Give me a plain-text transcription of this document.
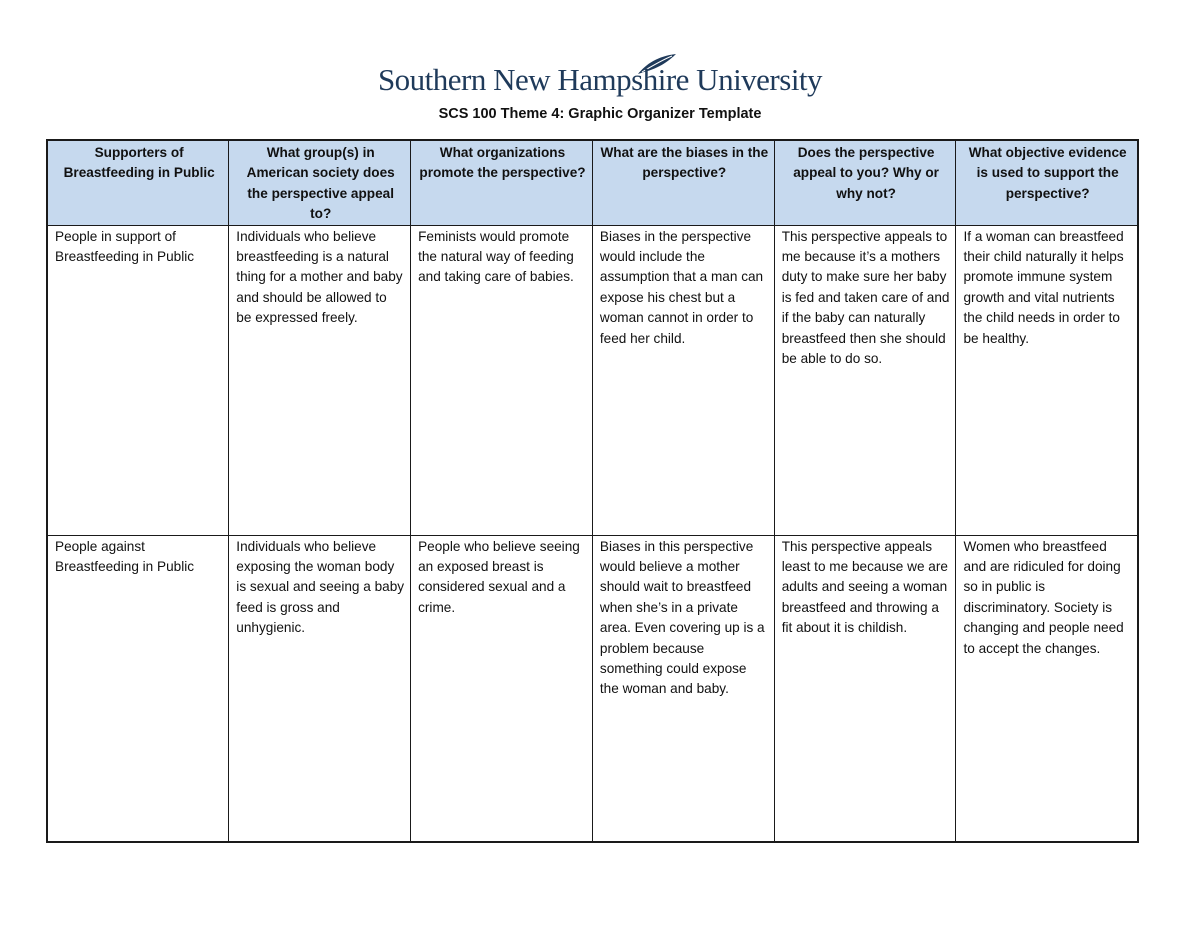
Southern New Hampshire University
SCS 100 Theme 4: Graphic Organizer Template
Supporters of Breastfeeding in Public	What group(s) in American society does the perspective appeal to?	What organizations promote the perspective?	What are the biases in the perspective?	Does the perspective appeal to you? Why or why not?	What objective evidence is used to support the perspective?
People in support of Breastfeeding in Public	Individuals who believe breastfeeding is a natural thing for a mother and baby and should be allowed to be expressed freely.	Feminists would promote the natural way of feeding and taking care of babies.	Biases in the perspective would include the assumption that a man can expose his chest but a woman cannot in order to feed her child.	This perspective appeals to me because it’s a mothers duty to make sure her baby is fed and taken care of and if the baby can naturally breastfeed then she should be able to do so.	If a woman can breastfeed their child naturally it helps promote immune system growth and vital nutrients the child needs in order to be healthy.
People against Breastfeeding in Public	Individuals who believe exposing the woman body is sexual and seeing a baby feed is gross and unhygienic.	People who believe seeing an exposed breast is considered sexual and a crime.	Biases in this perspective would believe a mother should wait to breastfeed when she’s in a private area. Even covering up is a problem because something could expose the woman and baby.	This perspective appeals least to me because we are adults and seeing a woman breastfeed and throwing a fit about it is childish.	Women who breastfeed and are ridiculed for doing so in public is discriminatory. Society is changing and people need to accept the changes.
